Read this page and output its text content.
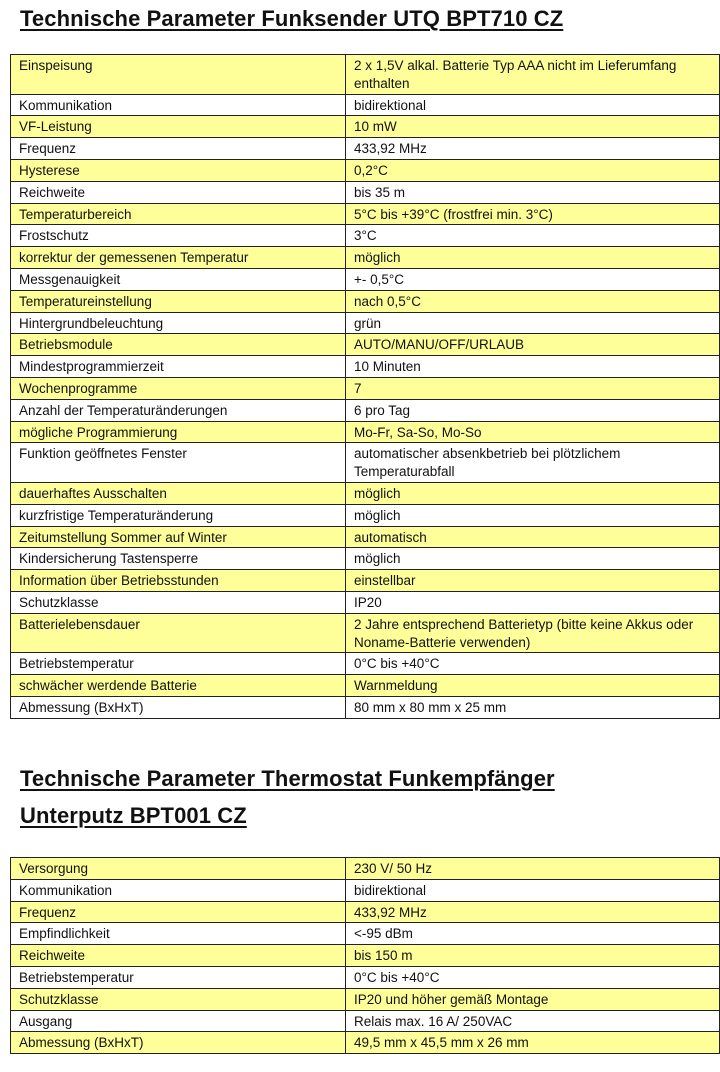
Technische Parameter Funksender UTQ BPT710 CZ
Einspeisung	2 x 1,5V alkal. Batterie Typ AAA nicht im Lieferumfang enthalten
Kommunikation	bidirektional
VF-Leistung	10 mW
Frequenz	433,92 MHz
Hysterese	0,2°C
Reichweite	bis 35 m
Temperaturbereich	5°C bis +39°C (frostfrei min. 3°C)
Frostschutz	3°C
korrektur der gemessenen Temperatur	möglich
Messgenauigkeit	+- 0,5°C
Temperatureinstellung	nach 0,5°C
Hintergrundbeleuchtung	grün
Betriebsmodule	AUTO/MANU/OFF/URLAUB
Mindestprogrammierzeit	10 Minuten
Wochenprogramme	7
Anzahl der Temperaturänderungen	6 pro Tag
mögliche Programmierung	Mo-Fr, Sa-So, Mo-So
Funktion geöffnetes Fenster	automatischer absenkbetrieb bei plötzlichem Temperaturabfall
dauerhaftes Ausschalten	möglich
kurzfristige Temperaturänderung	möglich
Zeitumstellung Sommer auf Winter	automatisch
Kindersicherung Tastensperre	möglich
Information über Betriebsstunden	einstellbar
Schutzklasse	IP20
Batterielebensdauer	2 Jahre entsprechend Batterietyp (bitte keine Akkus oder Noname-Batterie verwenden)
Betriebstemperatur	0°C bis +40°C
schwächer werdende Batterie	Warnmeldung
Abmessung (BxHxT)	80 mm x 80 mm x 25 mm
Technische Parameter Thermostat Funkempfänger
Unterputz BPT001 CZ
Versorgung	230 V/ 50 Hz
Kommunikation	bidirektional
Frequenz	433,92 MHz
Empfindlichkeit	<-95 dBm
Reichweite	bis 150 m
Betriebstemperatur	0°C bis +40°C
Schutzklasse	IP20 und höher gemäß Montage
Ausgang	Relais max. 16 A/ 250VAC
Abmessung (BxHxT)	49,5 mm x 45,5 mm x 26 mm
